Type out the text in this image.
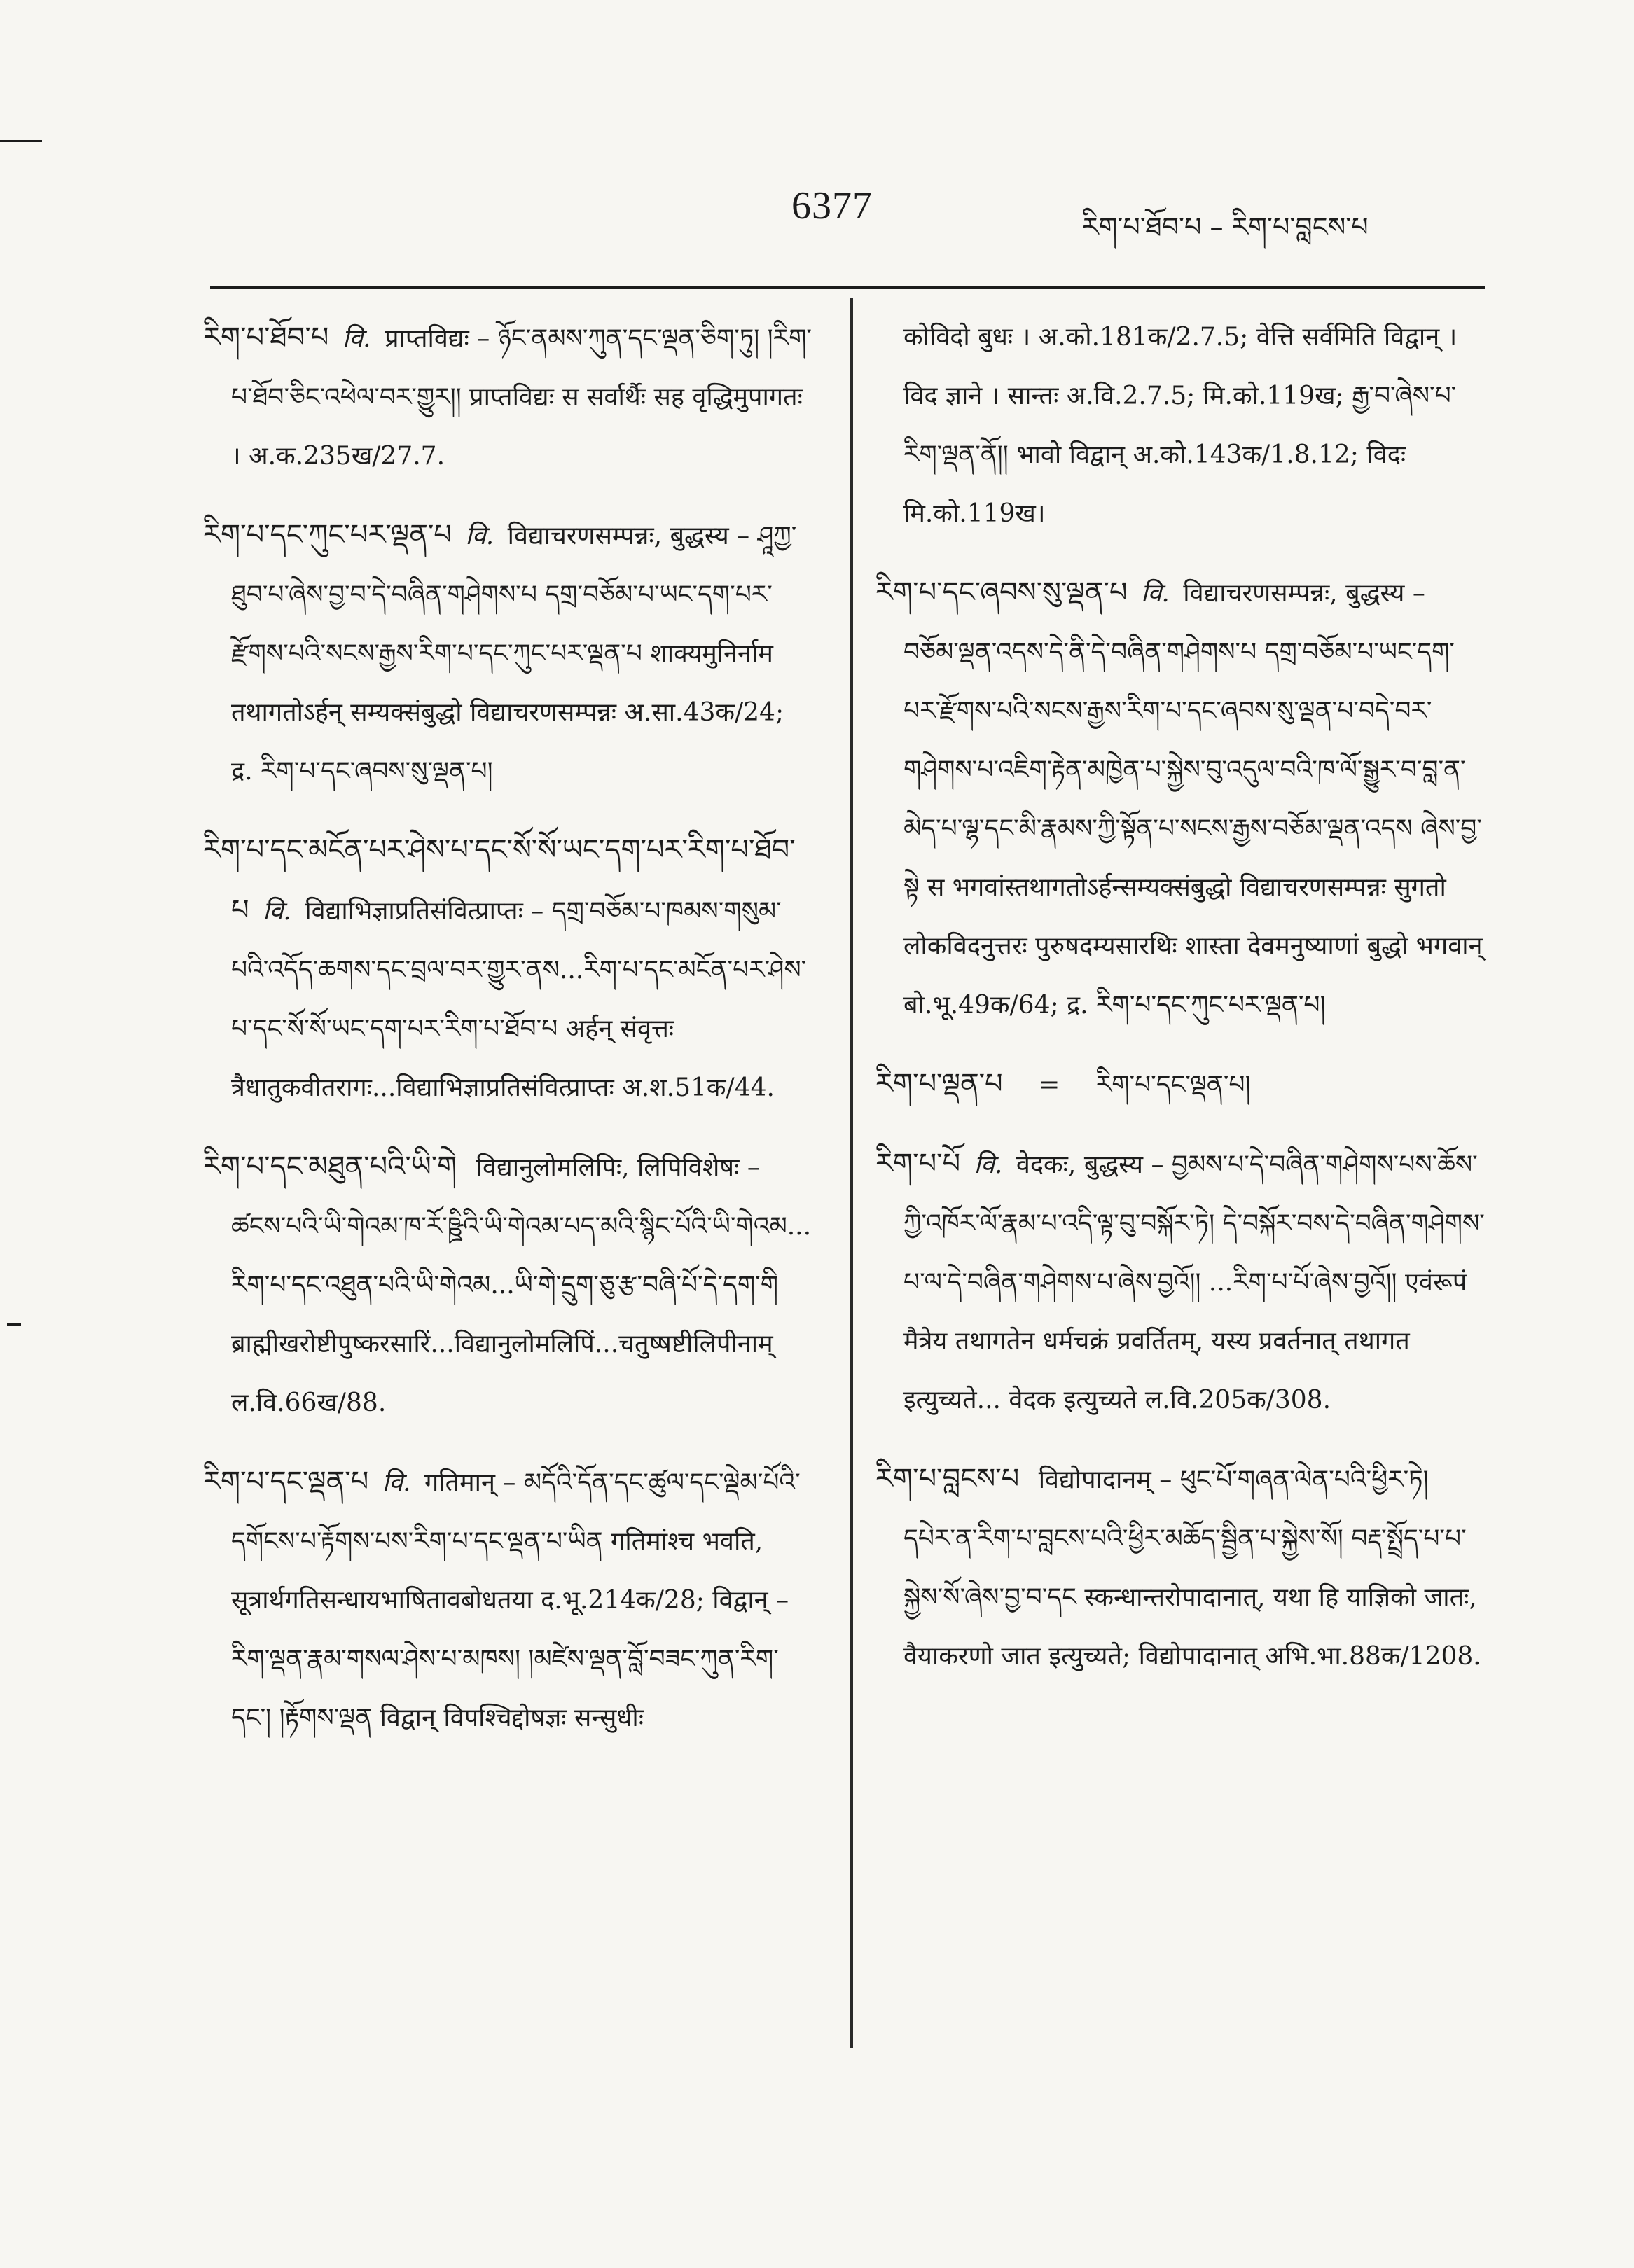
6377	རིག་པ་ཐོབ་པ – རིག་པ་བླངས་པ
རིག་པ་ཐོབ་པ वि. प्राप्तविद्यः – ཉོང་ནམས་ཀུན་དང་ལྡན་ཅིག་ཏུ། །རིག་པ་ཐོབ་ཅིང་འཕེལ་བར་གྱུར།། प्राप्तविद्यः स सर्वार्थैः सह वृद्धिमुपागतः । अ.क.235ख/27.7.
རིག་པ་དང་ཀུང་པར་ལྡན་པ वि. विद्याचरणसम्पन्नः, बुद्धस्य – ཤཱཀྱ་ཐུབ་པ་ཞེས་བྱ་བ་དེ་བཞིན་གཤེགས་པ དགྲ་བཅོམ་པ་ཡང་དག་པར་རྫོགས་པའི་སངས་རྒྱས་རིག་པ་དང་ཀུང་པར་ལྡན་པ शाक्यमुनिर्नाम तथागतोऽर्हन् सम्यक्संबुद्धो विद्याचरणसम्पन्नः अ.सा.43क/24; द्र. རིག་པ་དང་ཞབས་སུ་ལྡན་པ།
རིག་པ་དང་མངོན་པར་ཤེས་པ་དང་སོ་སོ་ཡང་དག་པར་རིག་པ་ཐོབ་པ वि. विद्याभिज्ञाप्रतिसंवित्प्राप्तः – དགྲ་བཅོམ་པ་ཁམས་གསུམ་པའི་འདོད་ཆགས་དང་བྲལ་བར་གྱུར་ནས...རིག་པ་དང་མངོན་པར་ཤེས་པ་དང་སོ་སོ་ཡང་དག་པར་རིག་པ་ཐོབ་པ अर्हन् संवृत्तः त्रैधातुकवीतरागः...विद्याभिज्ञाप्रतिसंवित्प्राप्तः अ.श.51क/44.
རིག་པ་དང་མཐུན་པའི་ཡི་གེ विद्यानुलोमलिपिः, लिपिविशेषः – ཚངས་པའི་ཡི་གེའམ་ཁ་རོ་ཥྛིའི་ཡི་གེའམ་པད་མའི་སྙིང་པོའི་ཡི་གེའམ... རིག་པ་དང་འཐུན་པའི་ཡི་གེའམ...ཡི་གེ་དྲུག་ཅུ་རྩ་བཞི་པོ་དེ་དག་གི ब्राह्मीखरोष्टीपुष्करसारिं...विद्यानुलोमलिपिं...चतुष्षष्टीलिपीनाम् ल.वि.66ख/88.
རིག་པ་དང་ལྡན་པ वि. गतिमान् – མདོའི་དོན་དང་ཚུལ་དང་ལྡེམ་པོའི་དགོངས་པ་རྟོགས་པས་རིག་པ་དང་ལྡན་པ་ཡིན गतिमांश्च भवति, सूत्रार्थगतिसन्धायभाषितावबोधतया द.भू.214क/28; विद्वान् – རིག་ལྡན་རྣམ་གསལ་ཤེས་པ་མཁས། །མཛེས་ལྡན་བློ་བཟང་ཀུན་རིག་དང་། །རྟོགས་ལྡན विद्वान् विपश्चिद्दोषज्ञः सन्सुधीः
कोविदो बुधः । अ.को.181क/2.7.5; वेत्ति सर्वमिति विद्वान् । विद ज्ञाने । सान्तः अ.वि.2.7.5; मि.को.119ख; རྒྱ་བ་ཞེས་པ་རིག་ལྡན་ནོ།། भावो विद्वान् अ.को.143क/1.8.12; विदः मि.को.119ख।
རིག་པ་དང་ཞབས་སུ་ལྡན་པ वि. विद्याचरणसम्पन्नः, बुद्धस्य – བཅོམ་ལྡན་འདས་དེ་ནི་དེ་བཞིན་གཤེགས་པ དགྲ་བཅོམ་པ་ཡང་དག་པར་རྫོགས་པའི་སངས་རྒྱས་རིག་པ་དང་ཞབས་སུ་ལྡན་པ་བདེ་བར་གཤེགས་པ་འཇིག་རྟེན་མཁྱེན་པ་སྐྱེས་བུ་འདུལ་བའི་ཁ་ལོ་སྒྱུར་བ་བླ་ན་མེད་པ་ལྷ་དང་མི་རྣམས་ཀྱི་སྟོན་པ་སངས་རྒྱས་བཅོམ་ལྡན་འདས ཞེས་བྱ་སྟེ स भगवांस्तथागतोऽर्हन्सम्यक्संबुद्धो विद्याचरणसम्पन्नः सुगतो लोकविदनुत्तरः पुरुषदम्यसारथिः शास्ता देवमनुष्याणां बुद्धो भगवान् बो.भू.49क/64; द्र. རིག་པ་དང་ཀུང་པར་ལྡན་པ།
རིག་པ་ལྡན་པ = རིག་པ་དང་ལྡན་པ།
རིག་པ་པོ वि. वेदकः, बुद्धस्य – བྱམས་པ་དེ་བཞིན་གཤེགས་པས་ཆོས་ཀྱི་འཁོར་ལོ་རྣམ་པ་འདི་ལྟ་བུ་བསྐོར་ཏེ། དེ་བསྐོར་བས་དེ་བཞིན་གཤེགས་པ་ལ་དེ་བཞིན་གཤེགས་པ་ཞེས་བྱའོ།། ...རིག་པ་པོ་ཞེས་བྱའོ།། एवंरूपं मैत्रेय तथागतेन धर्मचक्रं प्रवर्तितम्, यस्य प्रवर्तनात् तथागत इत्युच्यते... वेदक इत्युच्यते ल.वि.205क/308.
རིག་པ་བླངས་པ विद्योपादानम् – ཕུང་པོ་གཞན་ལེན་པའི་ཕྱིར་ཏེ། དཔེར་ན་རིག་པ་བླངས་པའི་ཕྱིར་མཆོད་སྦྱིན་པ་སྐྱེས་སོ། བརྡ་སྤྲོད་པ་པ་སྐྱེས་སོ་ཞེས་བྱ་བ་དང स्कन्धान्तरोपादानात्, यथा हि याज्ञिको जातः, वैयाकरणो जात इत्युच्यते; विद्योपादानात् अभि.भा.88क/1208.
